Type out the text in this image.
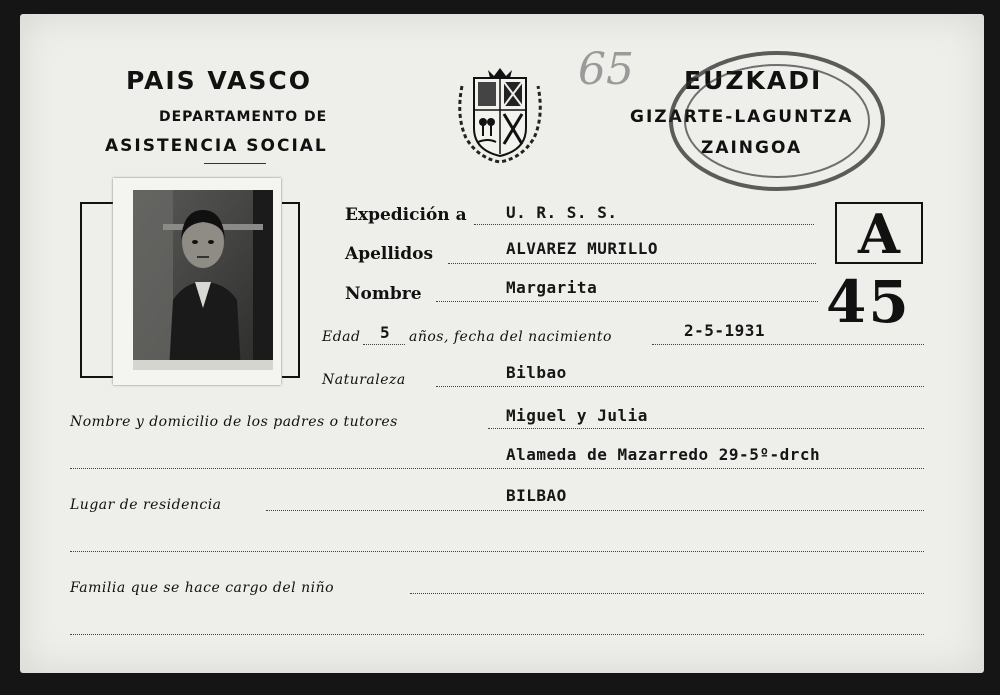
PAIS VASCO
DEPARTAMENTO DE
ASISTENCIA SOCIAL
EUZKADI
GIZARTE-LAGUNTZA
ZAINGOA
65
A
45
Expedición a U. R. S. S.
Apellidos	ALVAREZ MURILLO
Nombre	Margarita
Edad 5 años, fecha del nacimiento	2-5-1931
Naturaleza	Bilbao
Nombre y domicilio de los padres o tutores	Miguel y Julia
Alameda de Mazarredo 29-5º-drch
Lugar de residencia	BILBAO
Familia que se hace cargo del niño
